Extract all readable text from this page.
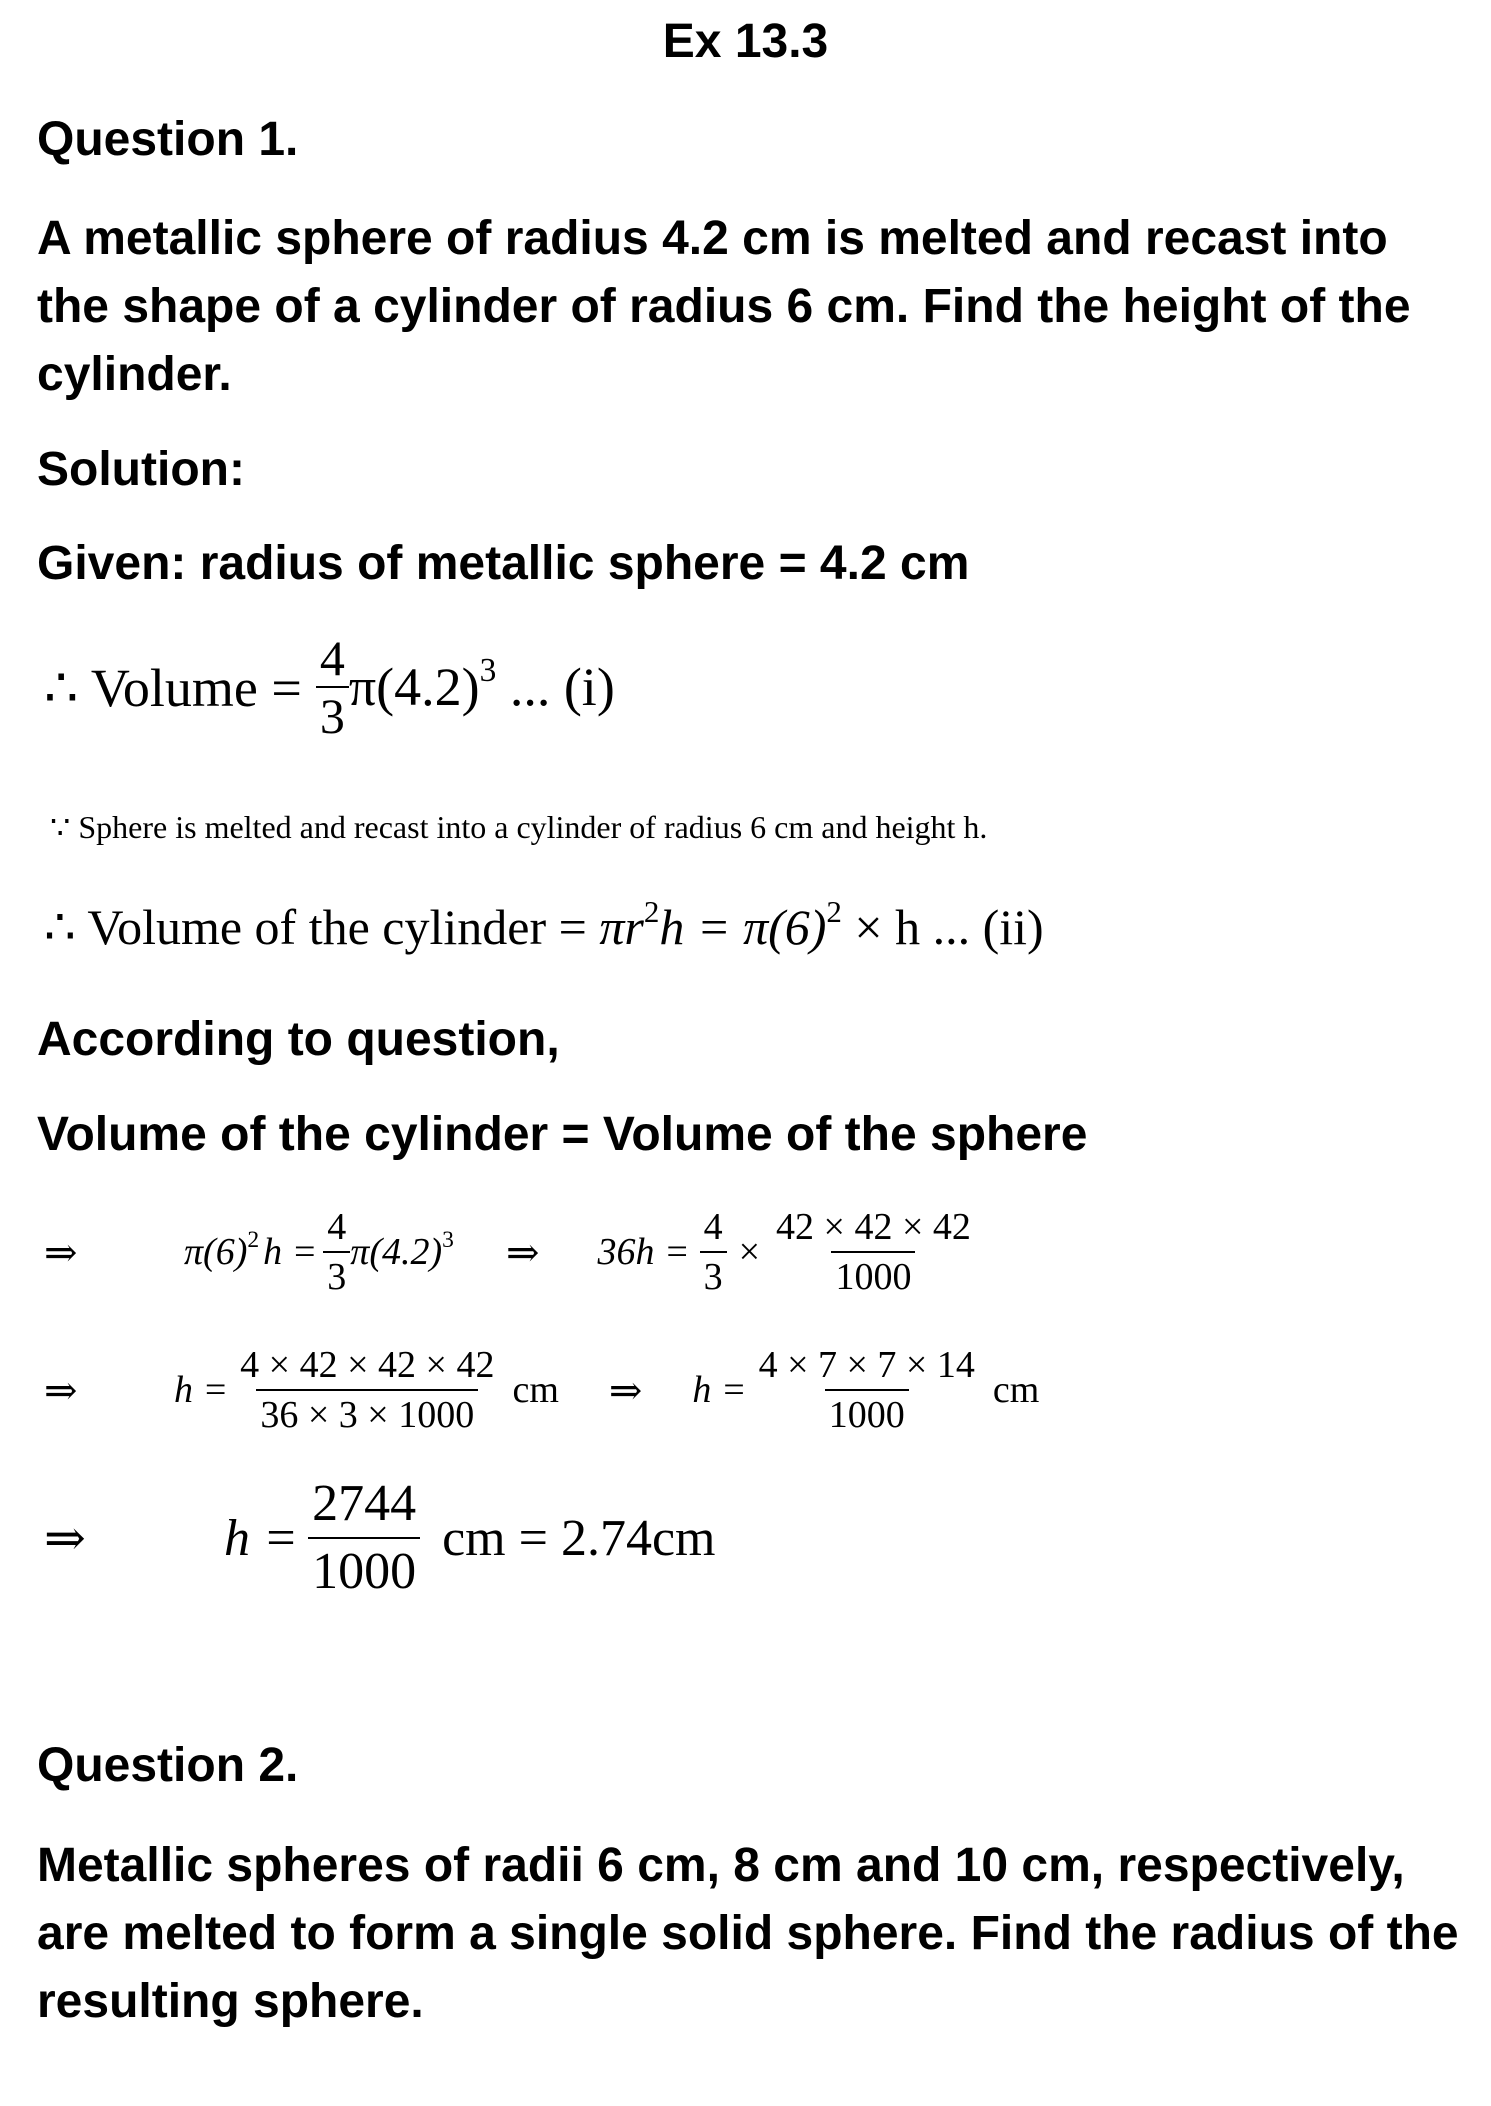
Ex 13.3
Question 1.
A metallic sphere of radius 4.2 cm is melted and recast into the shape of a cylinder of radius 6 cm. Find the height of the cylinder.
Solution:
Given: radius of metallic sphere = 4.2 cm
∴ Volume = $\frac{4}{3} \pi(4.2)^3$ ... (i)
∵ Sphere is melted and recast into a cylinder of radius 6 cm and height h.
∴ Volume of the cylinder = $\pi r^2h = \pi(6)^2 \times h$ ... (ii)
According to question,
Volume of the cylinder = Volume of the sphere
⇒	$\pi(6)^2$ $h = \frac{4}{3} \pi(4.2)^3$ ⇒ $36h = \frac{4}{3} \times \frac{42 \times 42 \times 42}{1000}$
⇒	$h = \frac{4 \times 42 \times 42 \times 42}{36 \times 3 \times 1000}$ cm ⇒ $h = \frac{4 \times 7 \times 7 \times 14}{1000}$ cm
⇒	$h = \frac{2744}{1000}$ cm = 2.74cm
Question 2.
Metallic spheres of radii 6 cm, 8 cm and 10 cm, respectively, are melted to form a single solid sphere. Find the radius of the resulting sphere.
